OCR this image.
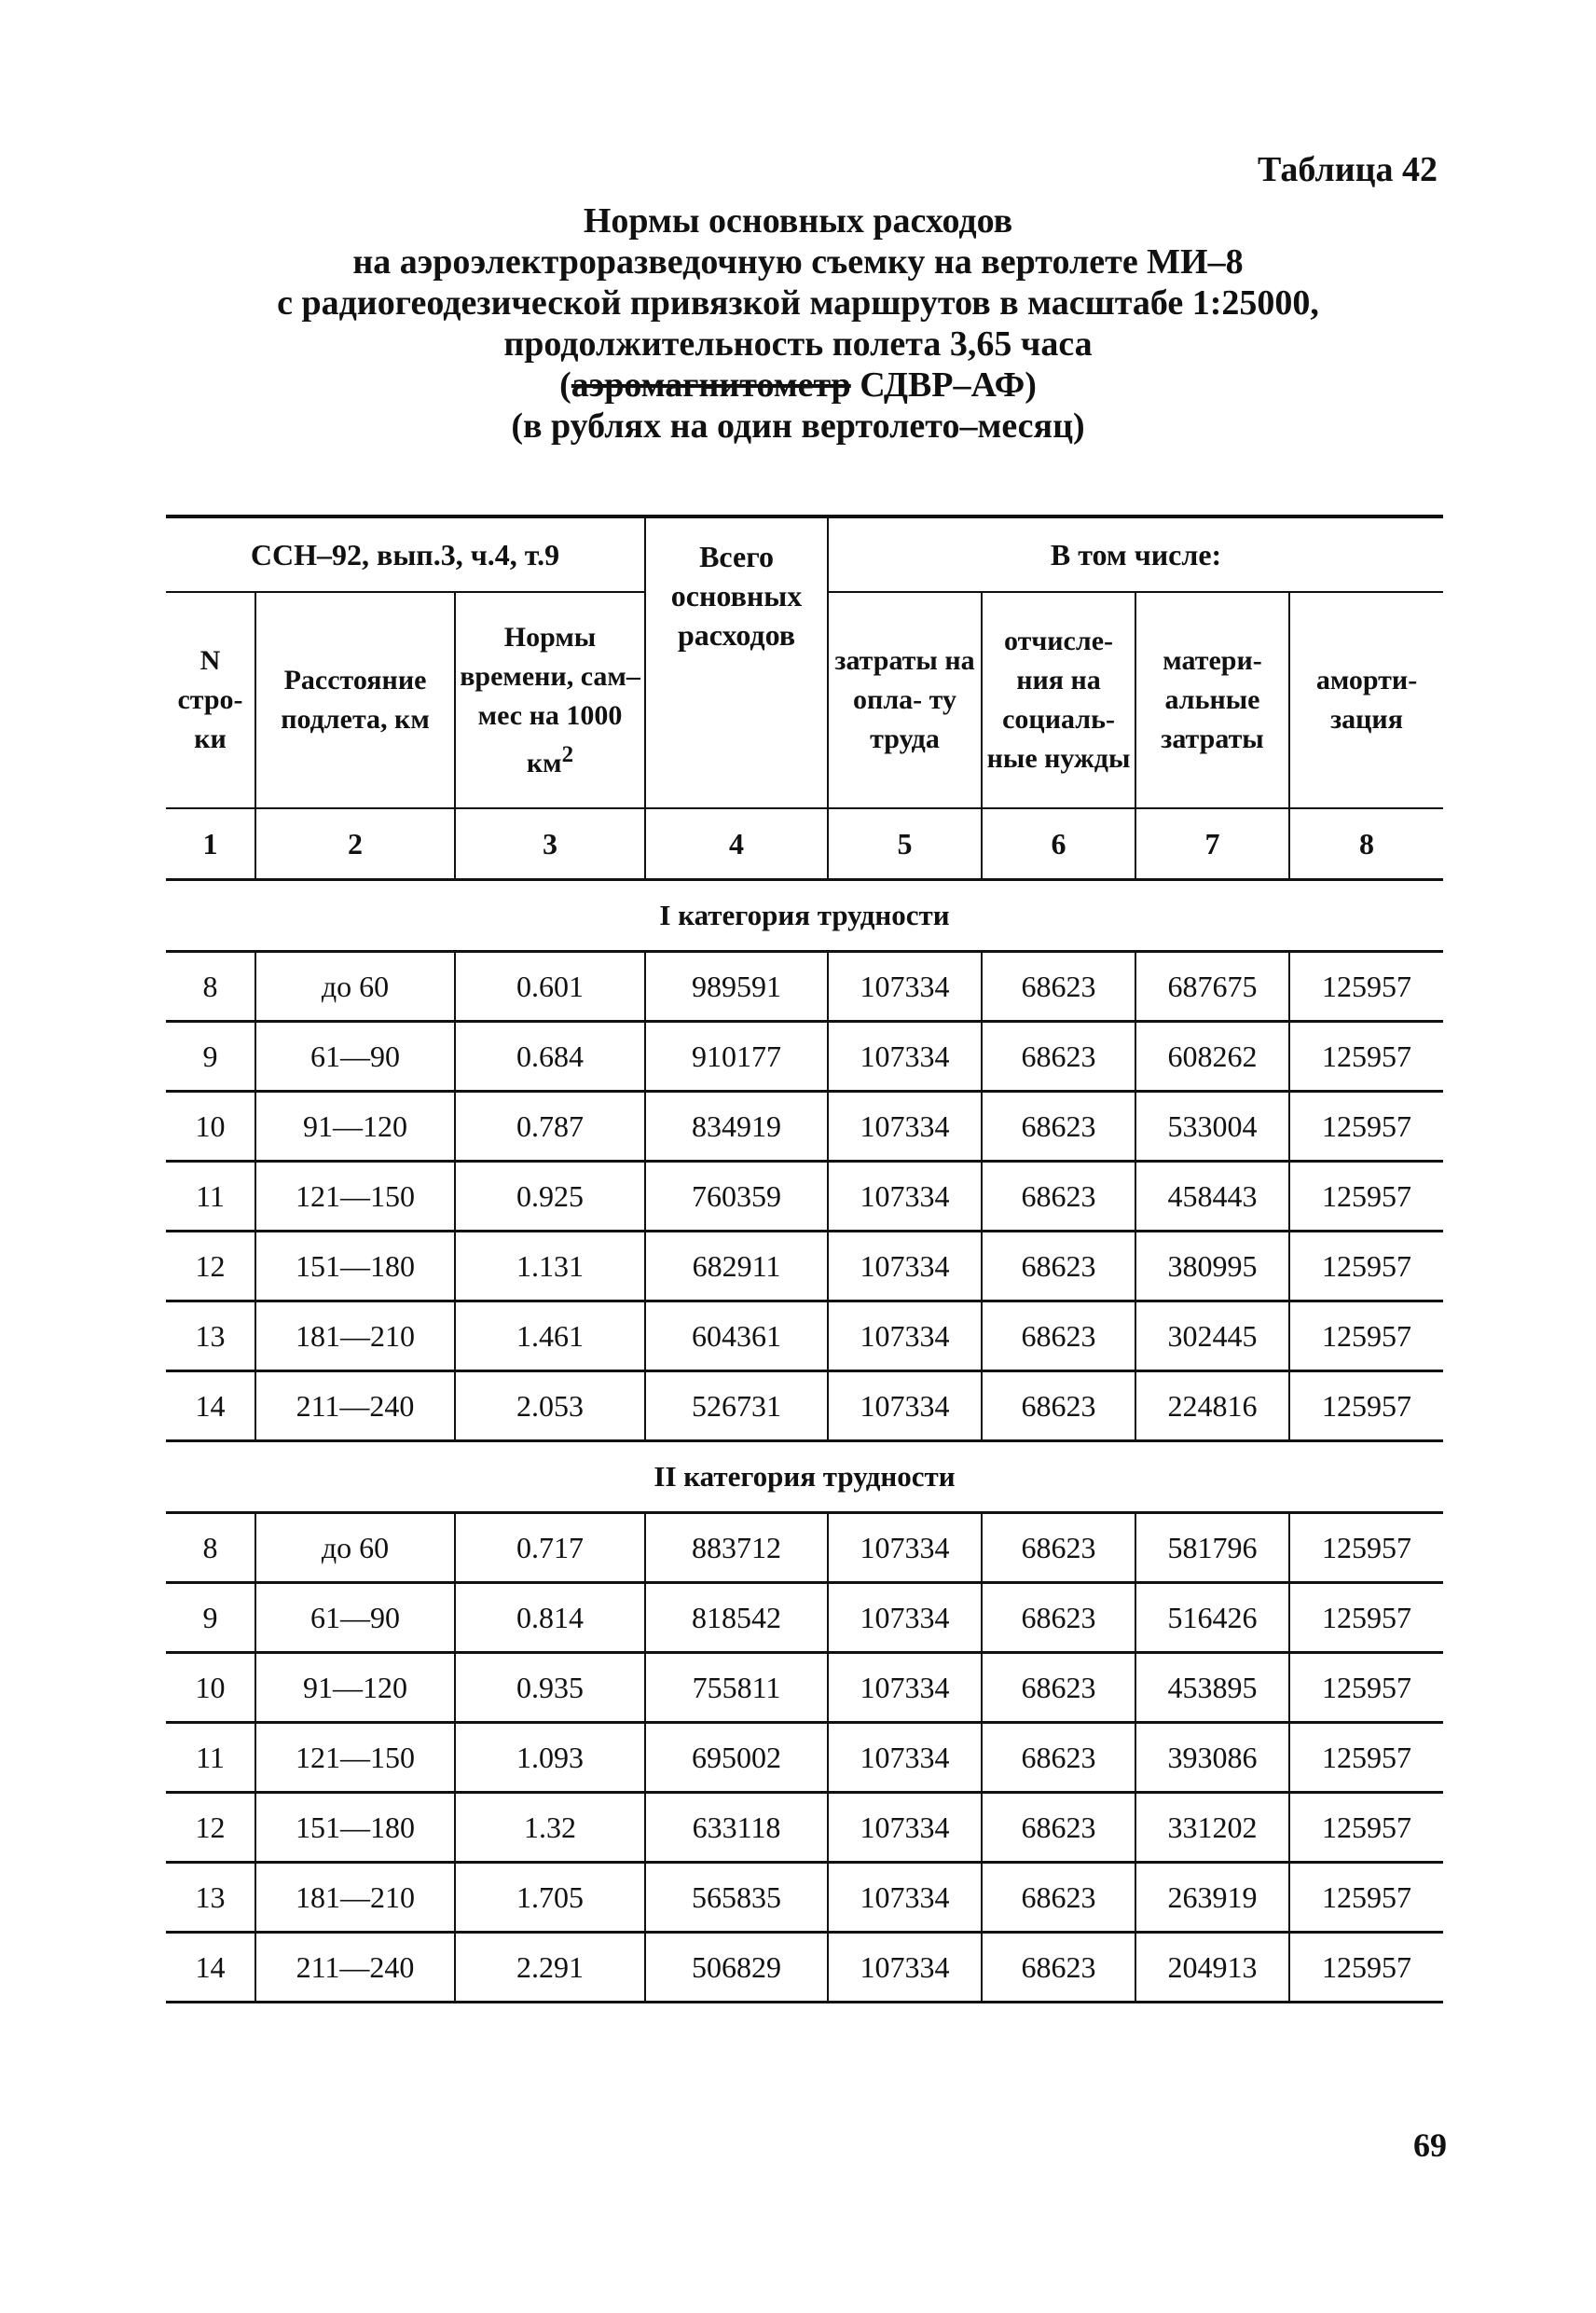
Таблица 42
Нормы основных расходов
на аэроэлектроразведочную съемку на вертолете МИ–8
с радиогеодезической привязкой маршрутов в масштабе 1:25000,
продолжительность полета 3,65 часа
(аэромагнитометр СДВР–АФ)
(в рублях на один вертолето–месяц)
ССН–92, вып.3, ч.4, т.9			Всего основных расходов	В том числе:			
N стро- ки	Расстояние подлета, км	Нормы времени, сам–мес на 1000 $км^2$		затраты на опла- ту труда	отчисле- ния на социаль- ные нужды	матери- альные затраты	аморти- зация
1	2	3	4	5	6	7	8
I категория трудности							
8	до 60	0.601	989591	107334	68623	687675	125957
9	61—90	0.684	910177	107334	68623	608262	125957
10	91—120	0.787	834919	107334	68623	533004	125957
11	121—150	0.925	760359	107334	68623	458443	125957
12	151—180	1.131	682911	107334	68623	380995	125957
13	181—210	1.461	604361	107334	68623	302445	125957
14	211—240	2.053	526731	107334	68623	224816	125957
II категория трудности							
8	до 60	0.717	883712	107334	68623	581796	125957
9	61—90	0.814	818542	107334	68623	516426	125957
10	91—120	0.935	755811	107334	68623	453895	125957
11	121—150	1.093	695002	107334	68623	393086	125957
12	151—180	1.32	633118	107334	68623	331202	125957
13	181—210	1.705	565835	107334	68623	263919	125957
14	211—240	2.291	506829	107334	68623	204913	125957
69
